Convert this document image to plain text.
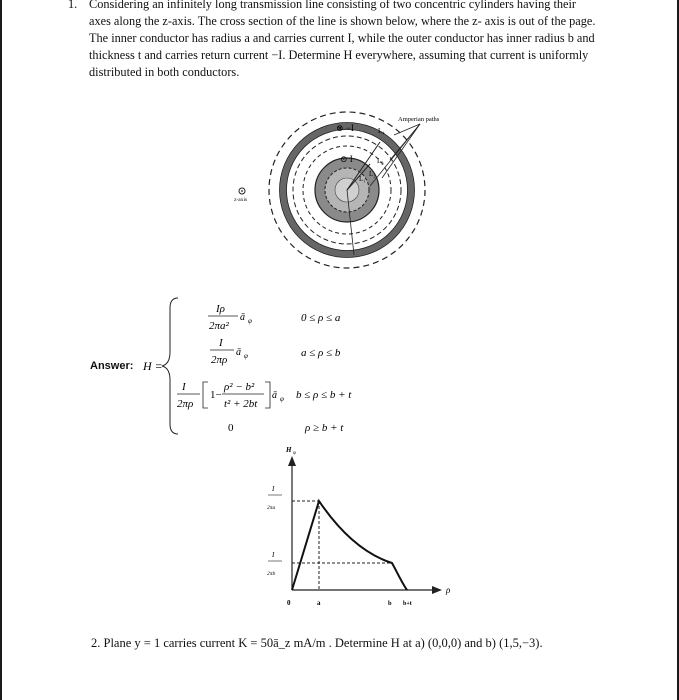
1. Considering an infinitely long transmission line consisting of two concentric cylinders having their
axes along the z-axis. The cross section of the line is shown below, where the z- axis is out of the page.
The inner conductor has radius a and carries current I, while the outer conductor has inner radius b and
thickness t and carries return current −I. Determine H everywhere, assuming that current is uniformly
distributed in both conductors.
⊗ −I
⊙ I
Amperian paths
L₄
L₃
L₂
L₁
z-axis
Answer: H =
Iρ
2πa²
ā φ	0 ≤ ρ ≤ a
I
2πρ
ā φ	a ≤ ρ ≤ b
I
2πρ
1−
ρ² − b²
t² + 2bt
ā φ b ≤ ρ ≤ b + t
0	ρ ≥ b + t
H φ
ρ
I
2πa
I
2πb
0	a	b b+t
2. Plane y = 1 carries current K = 50ā_z mA/m . Determine H at a) (0,0,0) and b) (1,5,−3).
